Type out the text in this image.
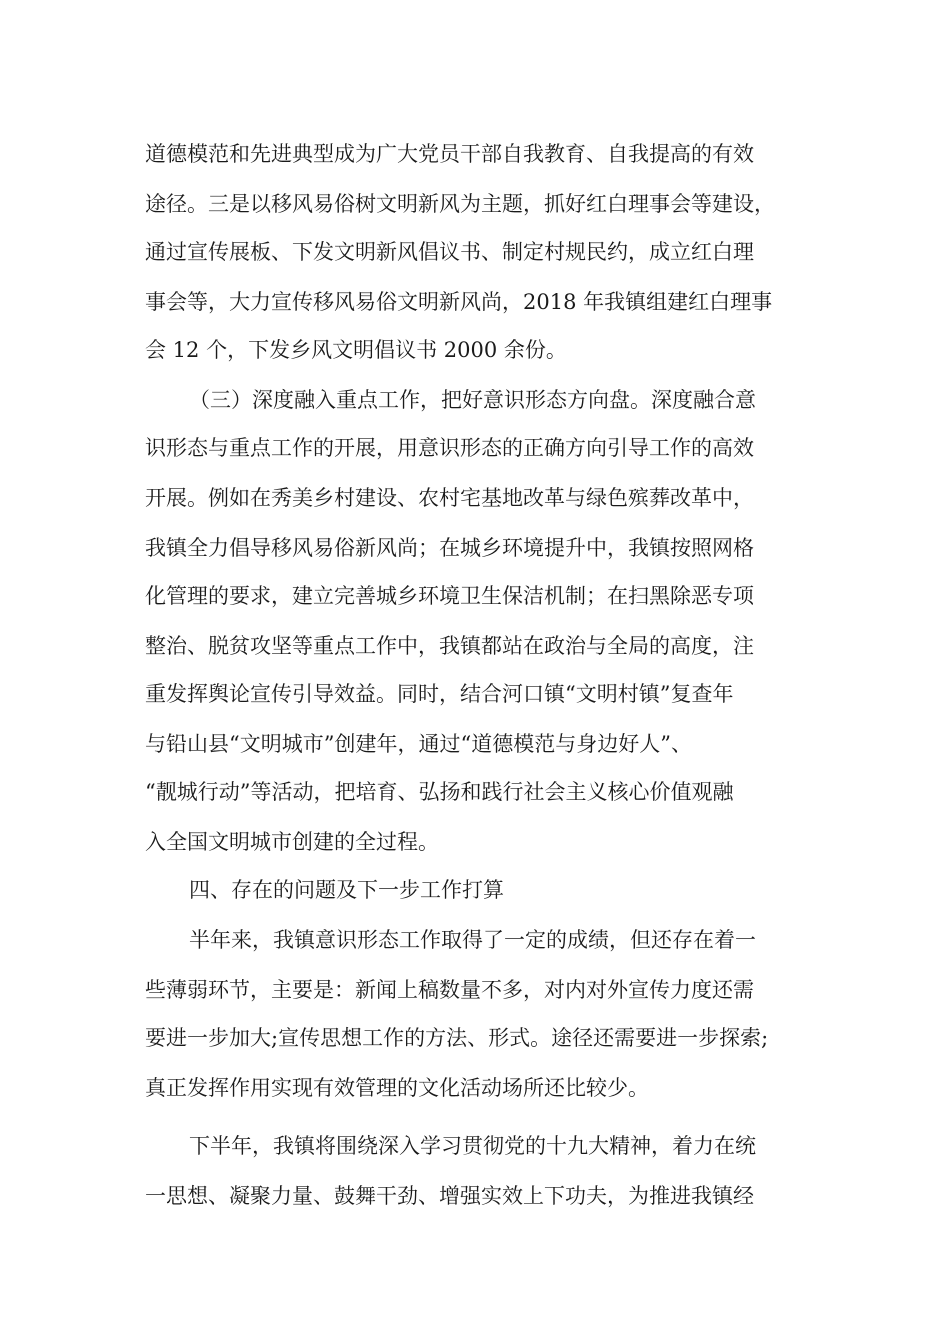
道德模范和先进典型成为广大党员干部自我教育、自我提高的有效
途径。三是以移风易俗树文明新风为主题，抓好红白理事会等建设，
通过宣传展板、下发文明新风倡议书、制定村规民约，成立红白理
事会等，大力宣传移风易俗文明新风尚，2018 年我镇组建红白理事
会 12 个，下发乡风文明倡议书 2000 余份。
（三）深度融入重点工作，把好意识形态方向盘。深度融合意
识形态与重点工作的开展，用意识形态的正确方向引导工作的高效
开展。例如在秀美乡村建设、农村宅基地改革与绿色殡葬改革中，
我镇全力倡导移风易俗新风尚；在城乡环境提升中，我镇按照网格
化管理的要求，建立完善城乡环境卫生保洁机制；在扫黑除恶专项
整治、脱贫攻坚等重点工作中，我镇都站在政治与全局的高度，注
重发挥舆论宣传引导效益。同时，结合河口镇“文明村镇”复查年
与铅山县“文明城市”创建年，通过“道德模范与身边好人”、
“靓城行动”等活动，把培育、弘扬和践行社会主义核心价值观融
入全国文明城市创建的全过程。
四、存在的问题及下一步工作打算
半年来，我镇意识形态工作取得了一定的成绩，但还存在着一
些薄弱环节，主要是：新闻上稿数量不多，对内对外宣传力度还需
要进一步加大;宣传思想工作的方法、形式。途径还需要进一步探索;
真正发挥作用实现有效管理的文化活动场所还比较少。
下半年，我镇将围绕深入学习贯彻党的十九大精神，着力在统
一思想、凝聚力量、鼓舞干劲、增强实效上下功夫，为推进我镇经
